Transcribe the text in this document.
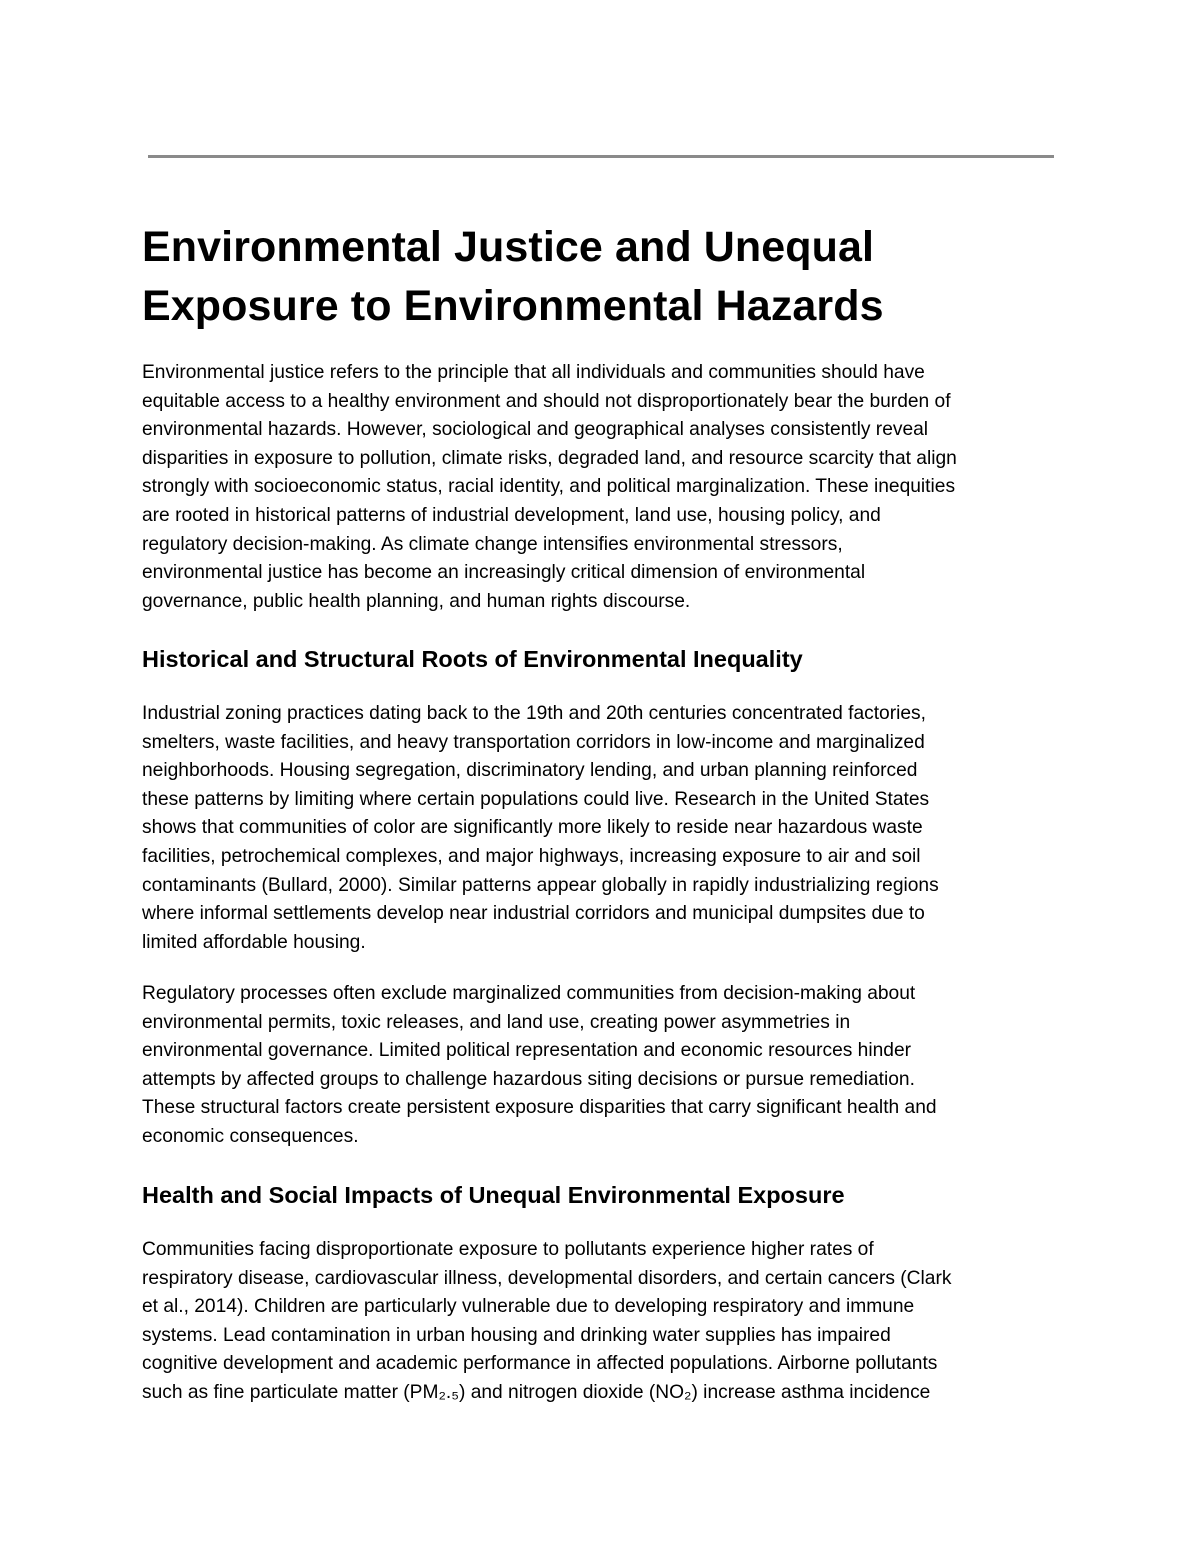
Environmental Justice and Unequal
Exposure to Environmental Hazards

Environmental justice refers to the principle that all individuals and communities should have
equitable access to a healthy environment and should not disproportionately bear the burden of
environmental hazards. However, sociological and geographical analyses consistently reveal
disparities in exposure to pollution, climate risks, degraded land, and resource scarcity that align
strongly with socioeconomic status, racial identity, and political marginalization. These inequities
are rooted in historical patterns of industrial development, land use, housing policy, and
regulatory decision-making. As climate change intensifies environmental stressors,
environmental justice has become an increasingly critical dimension of environmental
governance, public health planning, and human rights discourse.

Historical and Structural Roots of Environmental Inequality

Industrial zoning practices dating back to the 19th and 20th centuries concentrated factories,
smelters, waste facilities, and heavy transportation corridors in low-income and marginalized
neighborhoods. Housing segregation, discriminatory lending, and urban planning reinforced
these patterns by limiting where certain populations could live. Research in the United States
shows that communities of color are significantly more likely to reside near hazardous waste
facilities, petrochemical complexes, and major highways, increasing exposure to air and soil
contaminants (Bullard, 2000). Similar patterns appear globally in rapidly industrializing regions
where informal settlements develop near industrial corridors and municipal dumpsites due to
limited affordable housing.

Regulatory processes often exclude marginalized communities from decision-making about
environmental permits, toxic releases, and land use, creating power asymmetries in
environmental governance. Limited political representation and economic resources hinder
attempts by affected groups to challenge hazardous siting decisions or pursue remediation.
These structural factors create persistent exposure disparities that carry significant health and
economic consequences.

Health and Social Impacts of Unequal Environmental Exposure

Communities facing disproportionate exposure to pollutants experience higher rates of
respiratory disease, cardiovascular illness, developmental disorders, and certain cancers (Clark
et al., 2014). Children are particularly vulnerable due to developing respiratory and immune
systems. Lead contamination in urban housing and drinking water supplies has impaired
cognitive development and academic performance in affected populations. Airborne pollutants
such as fine particulate matter (PM₂.₅) and nitrogen dioxide (NO₂) increase asthma incidence
